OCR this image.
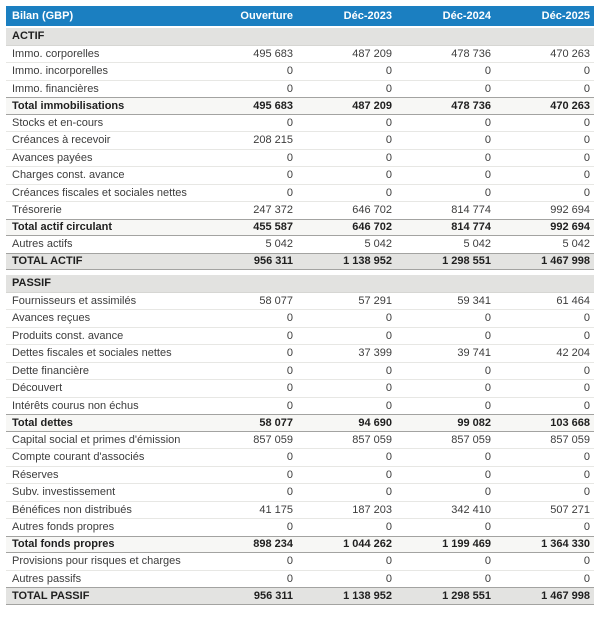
Bilan (GBP)	Ouverture	Déc-2023	Déc-2024	Déc-2025
ACTIF
Immo. corporelles	495 683	487 209	478 736	470 263
Immo. incorporelles	0	0	0	0
Immo. financières	0	0	0	0
Total immobilisations	495 683	487 209	478 736	470 263
Stocks et en-cours	0	0	0	0
Créances à recevoir	208 215	0	0	0
Avances payées	0	0	0	0
Charges const. avance	0	0	0	0
Créances fiscales et sociales nettes	0	0	0	0
Trésorerie	247 372	646 702	814 774	992 694
Total actif circulant	455 587	646 702	814 774	992 694
Autres actifs	5 042	5 042	5 042	5 042
TOTAL ACTIF	956 311	1 138 952	1 298 551	1 467 998
PASSIF
Fournisseurs et assimilés	58 077	57 291	59 341	61 464
Avances reçues	0	0	0	0
Produits const. avance	0	0	0	0
Dettes fiscales et sociales nettes	0	37 399	39 741	42 204
Dette financière	0	0	0	0
Découvert	0	0	0	0
Intérêts courus non échus	0	0	0	0
Total dettes	58 077	94 690	99 082	103 668
Capital social et primes d'émission	857 059	857 059	857 059	857 059
Compte courant d'associés	0	0	0	0
Réserves	0	0	0	0
Subv. investissement	0	0	0	0
Bénéfices non distribués	41 175	187 203	342 410	507 271
Autres fonds propres	0	0	0	0
Total fonds propres	898 234	1 044 262	1 199 469	1 364 330
Provisions pour risques et charges	0	0	0	0
Autres passifs	0	0	0	0
TOTAL PASSIF	956 311	1 138 952	1 298 551	1 467 998
